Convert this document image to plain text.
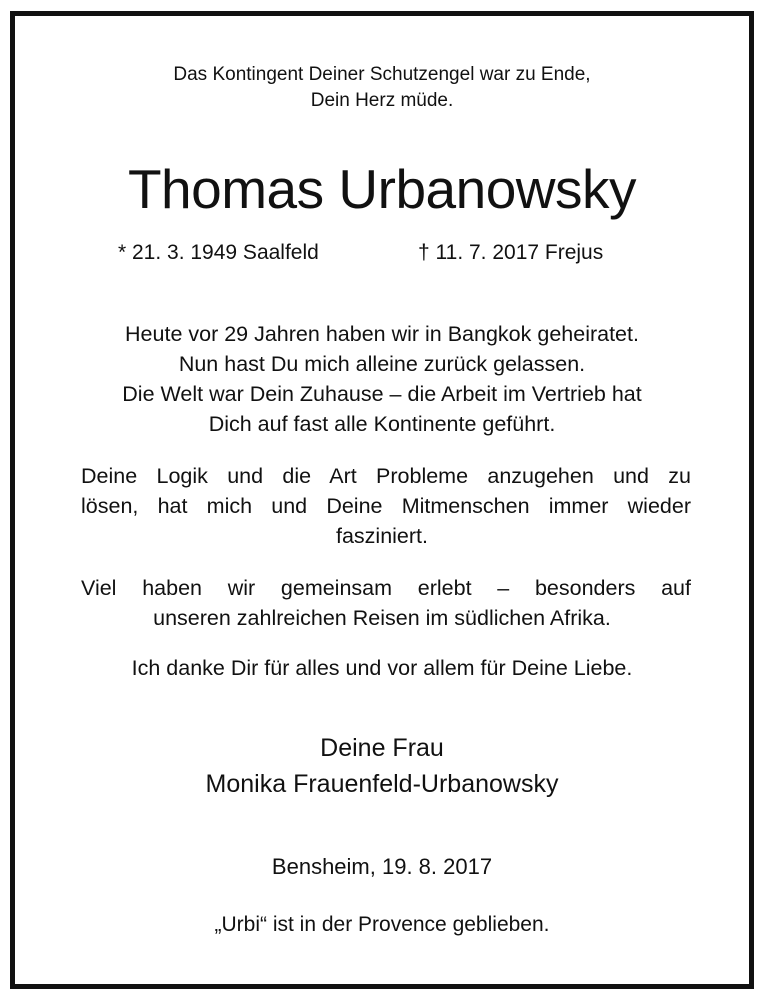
Das Kontingent Deiner Schutzengel war zu Ende,
Dein Herz müde.
Thomas Urbanowsky
* 21. 3. 1949 Saalfeld	† 11. 7. 2017 Frejus
Heute vor 29 Jahren haben wir in Bangkok geheiratet.
Nun hast Du mich alleine zurück gelassen.
Die Welt war Dein Zuhause – die Arbeit im Vertrieb hat
Dich auf fast alle Kontinente geführt.
Deine Logik und die Art Probleme anzugehen und zu
lösen, hat mich und Deine Mitmenschen immer wieder
fasziniert.
Viel haben wir gemeinsam erlebt – besonders auf
unseren zahlreichen Reisen im südlichen Afrika.
Ich danke Dir für alles und vor allem für Deine Liebe.
Deine Frau
Monika Frauenfeld-Urbanowsky
Bensheim, 19. 8. 2017
„Urbi“ ist in der Provence geblieben.
